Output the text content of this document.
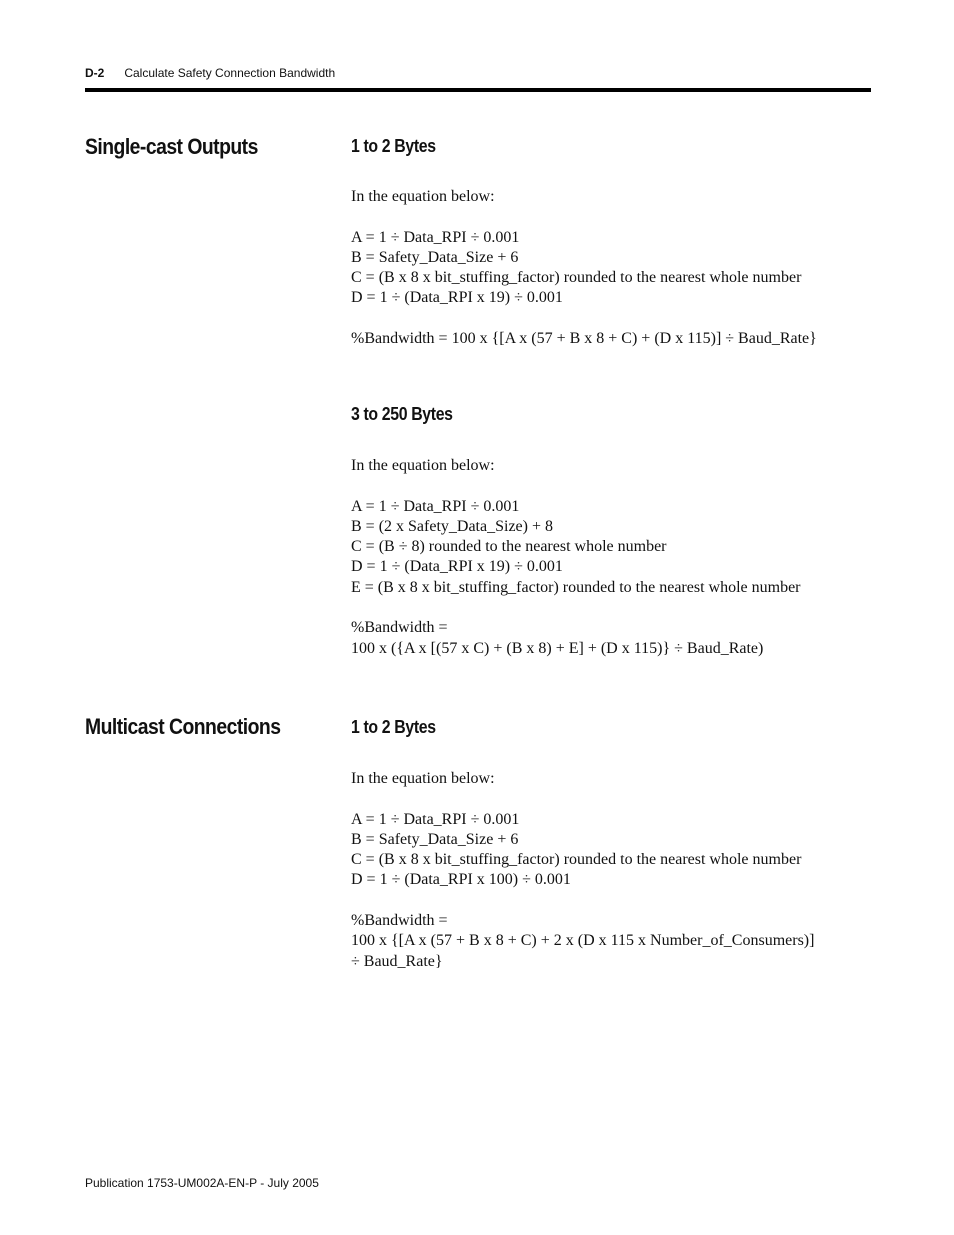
D-2 Calculate Safety Connection Bandwidth
Single-cast Outputs	1 to 2 Bytes
In the equation below:
A = 1 ÷ Data_RPI ÷ 0.001
B = Safety_Data_Size + 6
C = (B x 8 x bit_stuffing_factor) rounded to the nearest whole number
D = 1 ÷ (Data_RPI x 19) ÷ 0.001
%Bandwidth = 100 x {[A x (57 + B x 8 + C) + (D x 115)] ÷ Baud_Rate}
3 to 250 Bytes
In the equation below:
A = 1 ÷ Data_RPI ÷ 0.001
B = (2 x Safety_Data_Size) + 8
C = (B ÷ 8) rounded to the nearest whole number
D = 1 ÷ (Data_RPI x 19) ÷ 0.001
E = (B x 8 x bit_stuffing_factor) rounded to the nearest whole number
%Bandwidth =
100 x ({A x [(57 x C) + (B x 8) + E] + (D x 115)} ÷ Baud_Rate)
Multicast Connections	1 to 2 Bytes
In the equation below:
A = 1 ÷ Data_RPI ÷ 0.001
B = Safety_Data_Size + 6
C = (B x 8 x bit_stuffing_factor) rounded to the nearest whole number
D = 1 ÷ (Data_RPI x 100) ÷ 0.001
%Bandwidth =
100 x {[A x (57 + B x 8 + C) + 2 x (D x 115 x Number_of_Consumers)]
÷ Baud_Rate}
Publication 1753-UM002A-EN-P - July 2005
